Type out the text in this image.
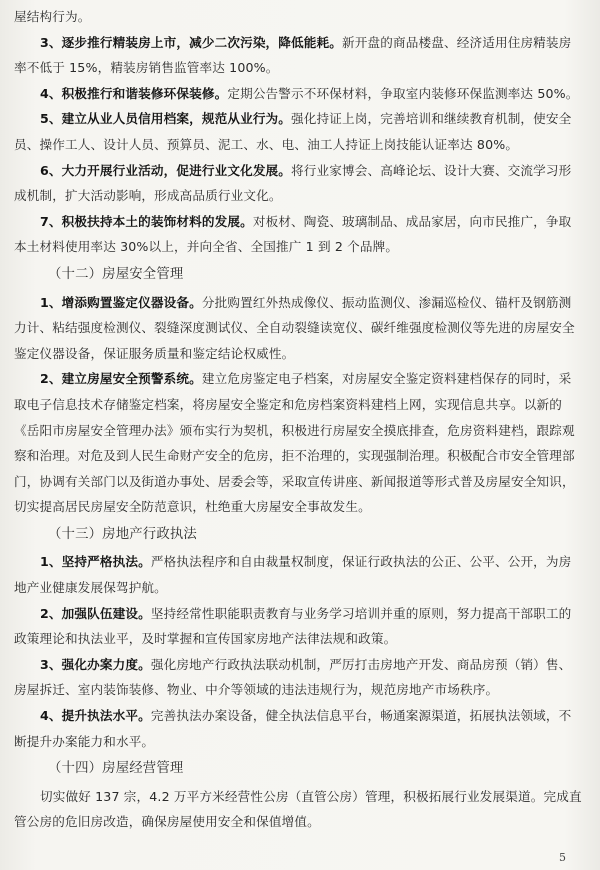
屋结构行为。

3、逐步推行精装房上市，减少二次污染，降低能耗。新开盘的商品楼盘、经济适用住房精装房率不低于 15%，精装房销售监管率达 100%。

4、积极推行和谐装修环保装修。定期公告警示不环保材料，争取室内装修环保监测率达 50%。

5、建立从业人员信用档案，规范从业行为。强化持证上岗，完善培训和继续教育机制，使安全员、操作工人、设计人员、预算员、泥工、水、电、油工人持证上岗技能认证率达 80%。

6、大力开展行业活动，促进行业文化发展。将行业家博会、高峰论坛、设计大赛、交流学习形成机制，扩大活动影响，形成高品质行业文化。

7、积极扶持本土的装饰材料的发展。对板材、陶瓷、玻璃制品、成品家居，向市民推广，争取本土材料使用率达 30%以上，并向全省、全国推广 1 到 2 个品牌。

（十二）房屋安全管理

1、增添购置鉴定仪器设备。分批购置红外热成像仪、振动监测仪、渗漏巡检仪、锚杆及钢筋测力计、粘结强度检测仪、裂缝深度测试仪、全自动裂缝读宽仪、碳纤维强度检测仪等先进的房屋安全鉴定仪器设备，保证服务质量和鉴定结论权威性。

2、建立房屋安全预警系统。建立危房鉴定电子档案，对房屋安全鉴定资料建档保存的同时，采取电子信息技术存储鉴定档案，将房屋安全鉴定和危房档案资料建档上网，实现信息共享。以新的《岳阳市房屋安全管理办法》颁布实行为契机，积极进行房屋安全摸底排查，危房资料建档，跟踪观察和治理。对危及到人民生命财产安全的危房，拒不治理的，实现强制治理。积极配合市安全管理部门，协调有关部门以及街道办事处、居委会等，采取宣传讲座、新闻报道等形式普及房屋安全知识，切实提高居民房屋安全防范意识，杜绝重大房屋安全事故发生。

（十三）房地产行政执法

1、坚持严格执法。严格执法程序和自由裁量权制度，保证行政执法的公正、公平、公开，为房地产业健康发展保驾护航。

2、加强队伍建设。坚持经常性职能职责教育与业务学习培训并重的原则，努力提高干部职工的政策理论和执法业平，及时掌握和宣传国家房地产法律法规和政策。

3、强化办案力度。强化房地产行政执法联动机制，严厉打击房地产开发、商品房预（销）售、房屋拆迁、室内装饰装修、物业、中介等领域的违法违规行为，规范房地产市场秩序。

4、提升执法水平。完善执法办案设备，健全执法信息平台，畅通案源渠道，拓展执法领域，不断提升办案能力和水平。

（十四）房屋经营管理

切实做好 137 宗，4.2 万平方米经营性公房（直管公房）管理，积极拓展行业发展渠道。完成直管公房的危旧房改造，确保房屋使用安全和保值增值。

5
